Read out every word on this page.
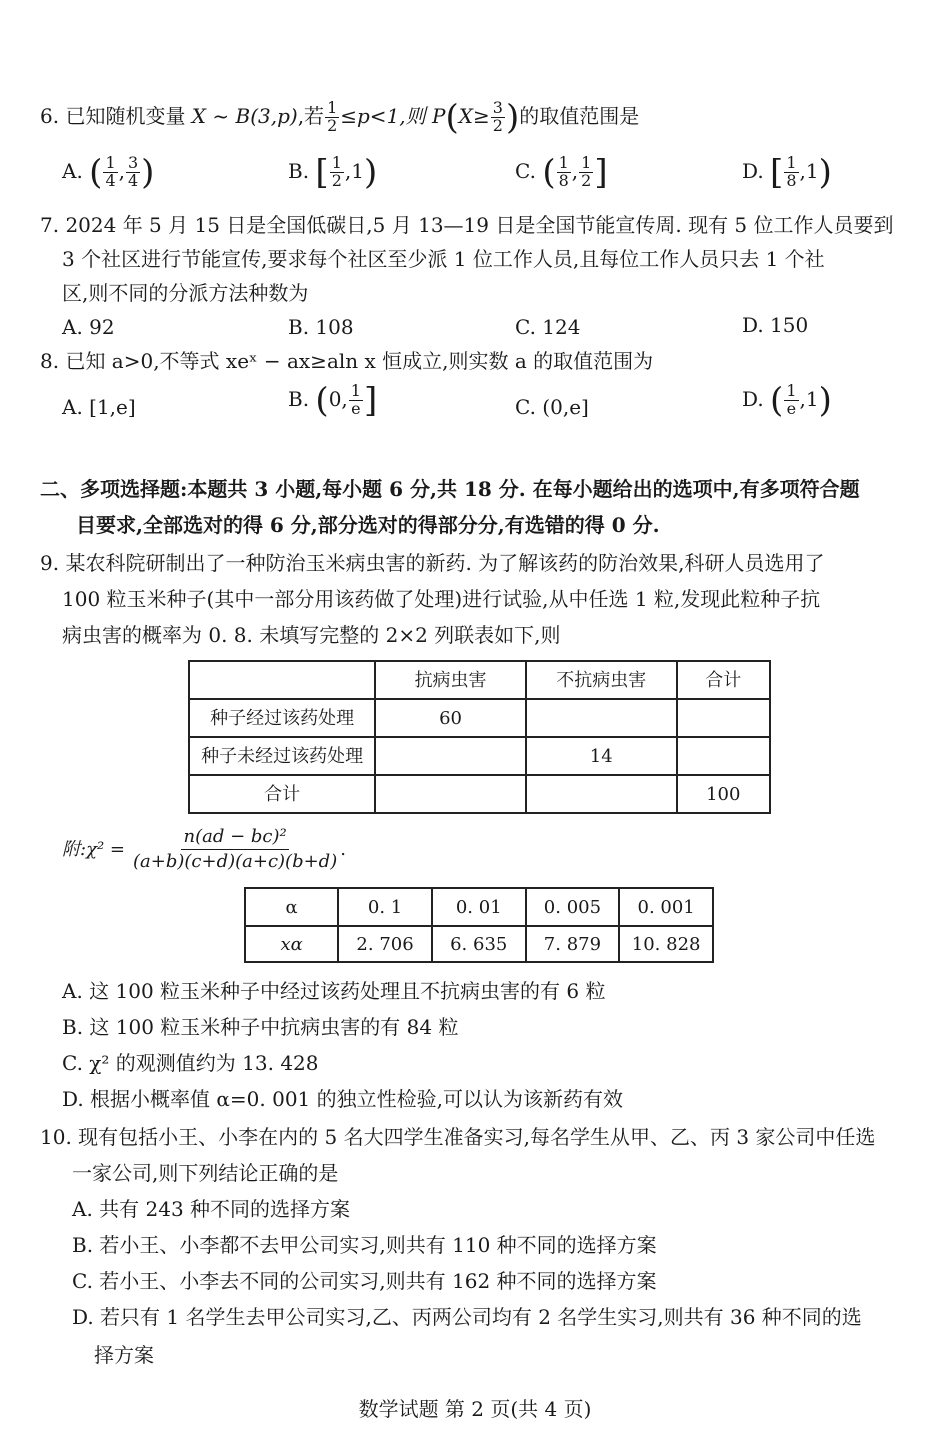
6. 已知随机变量 X ~ B(3,p),若 $\frac{1}{2} \le p<1$,则 $P(X\ge \frac{3}{2}$ )的取值范围是
A. ( $\frac{1}{4}$ , $\frac{3}{4}$ )	B. [ $\frac{1}{2} ,1$)	C. ( $\frac{1}{8}$ , $\frac{1}{2}$ ]	D. [ $\frac{1}{8} ,1$)
7. 2024 年 5 月 15 日是全国低碳日,5 月 13—19 日是全国节能宣传周. 现有 5 位工作人员要到
3 个社区进行节能宣传,要求每个社区至少派 1 位工作人员,且每位工作人员只去 1 个社
区,则不同的分派方法种数为
A. 92	B. 108	C. 124	D. 150
8. 已知 a>0,不等式 xeˣ − ax≥aln x 恒成立,则实数 a 的取值范围为
A. [1,e]	B. (0, $\frac{1}{e}$ ]	C. (0,e]	D. ( $\frac{1}{e} ,1$)
二、多项选择题:本题共 3 小题,每小题 6 分,共 18 分. 在每小题给出的选项中,有多项符合题
目要求,全部选对的得 6 分,部分选对的得部分分,有选错的得 0 分.
9. 某农科院研制出了一种防治玉米病虫害的新药. 为了解该药的防治效果,科研人员选用了
100 粒玉米种子(其中一部分用该药做了处理)进行试验,从中任选 1 粒,发现此粒种子抗
病虫害的概率为 0. 8. 未填写完整的 2×2 列联表如下,则
	抗病虫害	不抗病虫害	合计
种子经过该药处理	60		
种子未经过该药处理		14	
合计			100
附:χ² = $\frac{\text{n(ad − bc)²}}{(a+b)(c+d)(a+c)(b+d)}$ .
α	0. 1	0. 01	0. 005	0. 001
xα	2. 706	6. 635	7. 879	10. 828
A. 这 100 粒玉米种子中经过该药处理且不抗病虫害的有 6 粒
B. 这 100 粒玉米种子中抗病虫害的有 84 粒
C. χ² 的观测值约为 13. 428
D. 根据小概率值 α=0. 001 的独立性检验,可以认为该新药有效
10. 现有包括小王、小李在内的 5 名大四学生准备实习,每名学生从甲、乙、丙 3 家公司中任选
一家公司,则下列结论正确的是
A. 共有 243 种不同的选择方案
B. 若小王、小李都不去甲公司实习,则共有 110 种不同的选择方案
C. 若小王、小李去不同的公司实习,则共有 162 种不同的选择方案
D. 若只有 1 名学生去甲公司实习,乙、丙两公司均有 2 名学生实习,则共有 36 种不同的选
择方案
数学试题 第 2 页(共 4 页)
